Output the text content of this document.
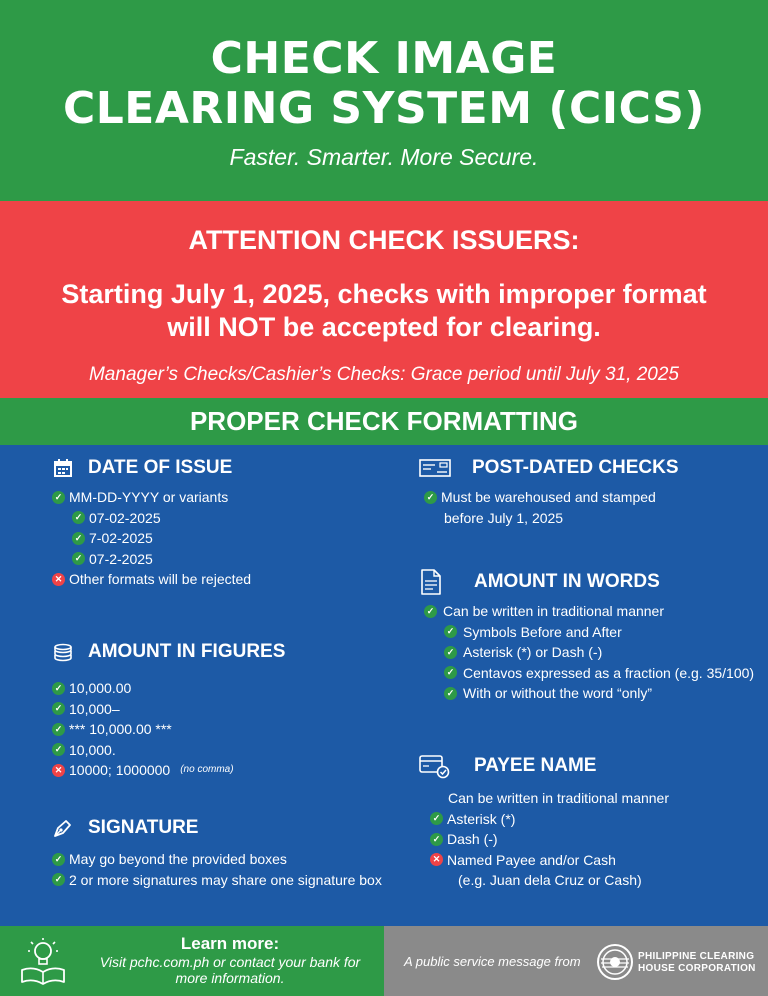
CHECK IMAGE
CLEARING SYSTEM (CICS)
Faster. Smarter. More Secure.
ATTENTION CHECK ISSUERS:
Starting July 1, 2025, checks with improper format
will NOT be accepted for clearing.
Manager’s Checks/Cashier’s Checks: Grace period until July 31, 2025
PROPER CHECK FORMATTING
DATE OF ISSUE
✓ MM-DD-YYYY or variants
✓ 07-02-2025
✓ 7-02-2025
✓ 07-2-2025
✕ Other formats will be rejected
AMOUNT IN FIGURES
✓ 10,000.00
✓ 10,000–
✓ *** 10,000.00 ***
✓ 10,000.
✕ 10000; 1000000 (no comma)
SIGNATURE
✓ May go beyond the provided boxes
✓ 2 or more signatures may share one signature box
POST-DATED CHECKS
✓ Must be warehoused and stamped
before July 1, 2025
AMOUNT IN WORDS
✓ Can be written in traditional manner
✓ Symbols Before and After
✓ Asterisk (*) or Dash (-)
✓ Centavos expressed as a fraction (e.g. 35/100)
✓ With or without the word “only”
PAYEE NAME
Can be written in traditional manner
✓ Asterisk (*)
✓ Dash (-)
✕ Named Payee and/or Cash
(e.g. Juan dela Cruz or Cash)
Learn more:
Visit pchc.com.ph or contact your bank for
more information.
A public service message from	PHILIPPINE CLEARING
HOUSE CORPORATION
